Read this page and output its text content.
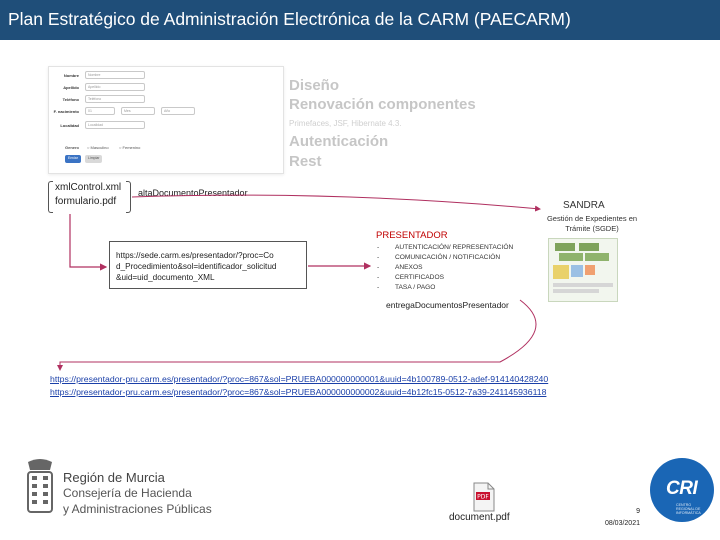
Plan Estratégico de Administración Electrónica de la CARM (PAECARM)
Nombre	Nombre
Apellido	Apellido
Teléfono	Teléfono
F. nacimiento	01	Mes	Año
Localidad	Localidad
Genero ○ Masculino	○ Femenino
Enviar	Limpiar
Diseño
Renovación componentes
Primefaces, JSF, Hibernate 4.3.
Autenticación
Rest
xmlControl.xml
formulario.pdf
altaDocumentoPresentador
SANDRA
Gestión de Expedientes en Trámite (SGDE)
https://sede.carm.es/presentador/?proc=Co d_Procedimiento&sol=identificador_solicitud &uid=uid_documento_XML
PRESENTADOR
- AUTENTICACIÓN/ REPRESENTACIÓN
- COMUNICACIÓN / NOTIFICACIÓN
- ANEXOS
- CERTIFICADOS
- TASA / PAGO
entregaDocumentosPresentador
https://presentador-pru.carm.es/presentador/?proc=867&sol=PRUEBA000000000001&uuid=4b100789-0512-adef-914140428240
https://presentador-pru.carm.es/presentador/?proc=867&sol=PRUEBA000000000002&uuid=4b12fc15-0512-7a39-241145936118
Región de Murcia
Consejería de Hacienda
y Administraciones Públicas
PDF
document.pdf
9
08/03/2021
CRI
CENTRO REGIONAL DE INFORMÁTICA
